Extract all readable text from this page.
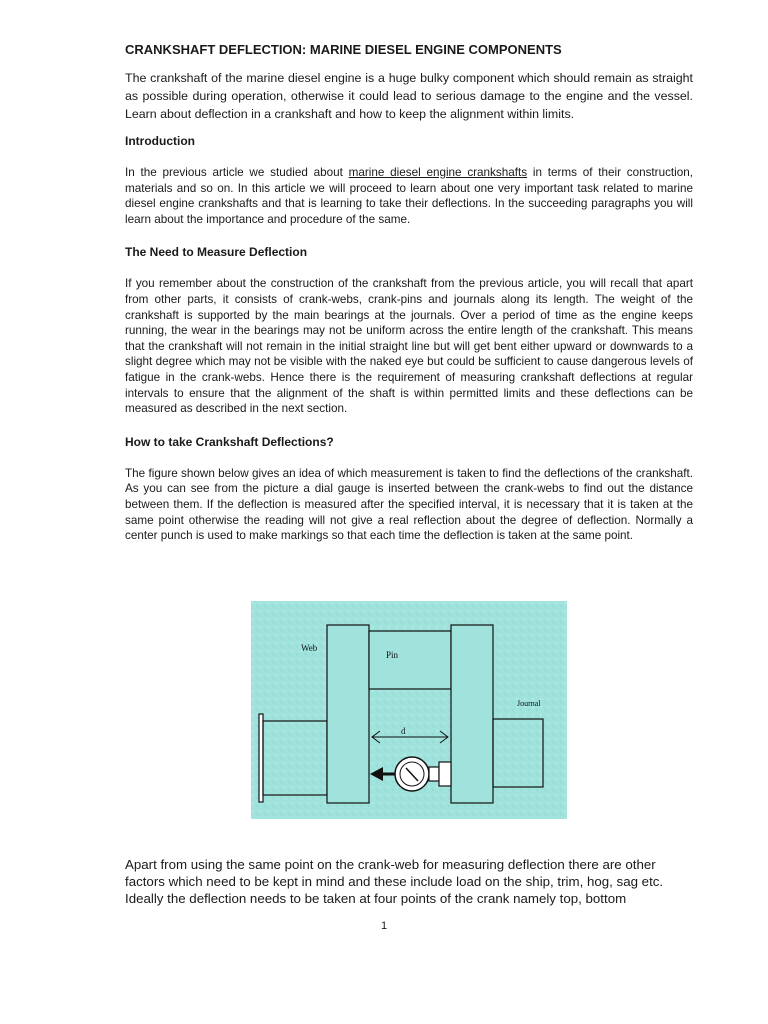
CRANKSHAFT DEFLECTION: MARINE DIESEL ENGINE COMPONENTS

The crankshaft of the marine diesel engine is a huge bulky component which should remain as straight as possible during operation, otherwise it could lead to serious damage to the engine and the vessel. Learn about deflection in a crankshaft and how to keep the alignment within limits.

Introduction

In the previous article we studied about marine diesel engine crankshafts in terms of their construction, materials and so on. In this article we will proceed to learn about one very important task related to marine diesel engine crankshafts and that is learning to take their deflections. In the succeeding paragraphs you will learn about the importance and procedure of the same.

The Need to Measure Deflection

If you remember about the construction of the crankshaft from the previous article, you will recall that apart from other parts, it consists of crank-webs, crank-pins and journals along its length. The weight of the crankshaft is supported by the main bearings at the journals. Over a period of time as the engine keeps running, the wear in the bearings may not be uniform across the entire length of the crankshaft. This means that the crankshaft will not remain in the initial straight line but will get bent either upward or downwards to a slight degree which may not be visible with the naked eye but could be sufficient to cause dangerous levels of fatigue in the crank-webs. Hence there is the requirement of measuring crankshaft deflections at regular intervals to ensure that the alignment of the shaft is within permitted limits and these deflections can be measured as described in the next section.

How to take Crankshaft Deflections?

The figure shown below gives an idea of which measurement is taken to find the deflections of the crankshaft. As you can see from the picture a dial gauge is inserted between the crank-webs to find out the distance between them. If the deflection is measured after the specified interval, it is necessary that it is taken at the same point otherwise the reading will not give a real reflection about the degree of deflection. Normally a center punch is used to make markings so that each time the deflection is taken at the same point.

Web
Pin
Journal
d
Apart from using the same point on the crank-web for measuring deflection there are other factors which need to be kept in mind and these include load on the ship, trim, hog, sag etc. Ideally the deflection needs to be taken at four points of the crank namely top, bottom
1
